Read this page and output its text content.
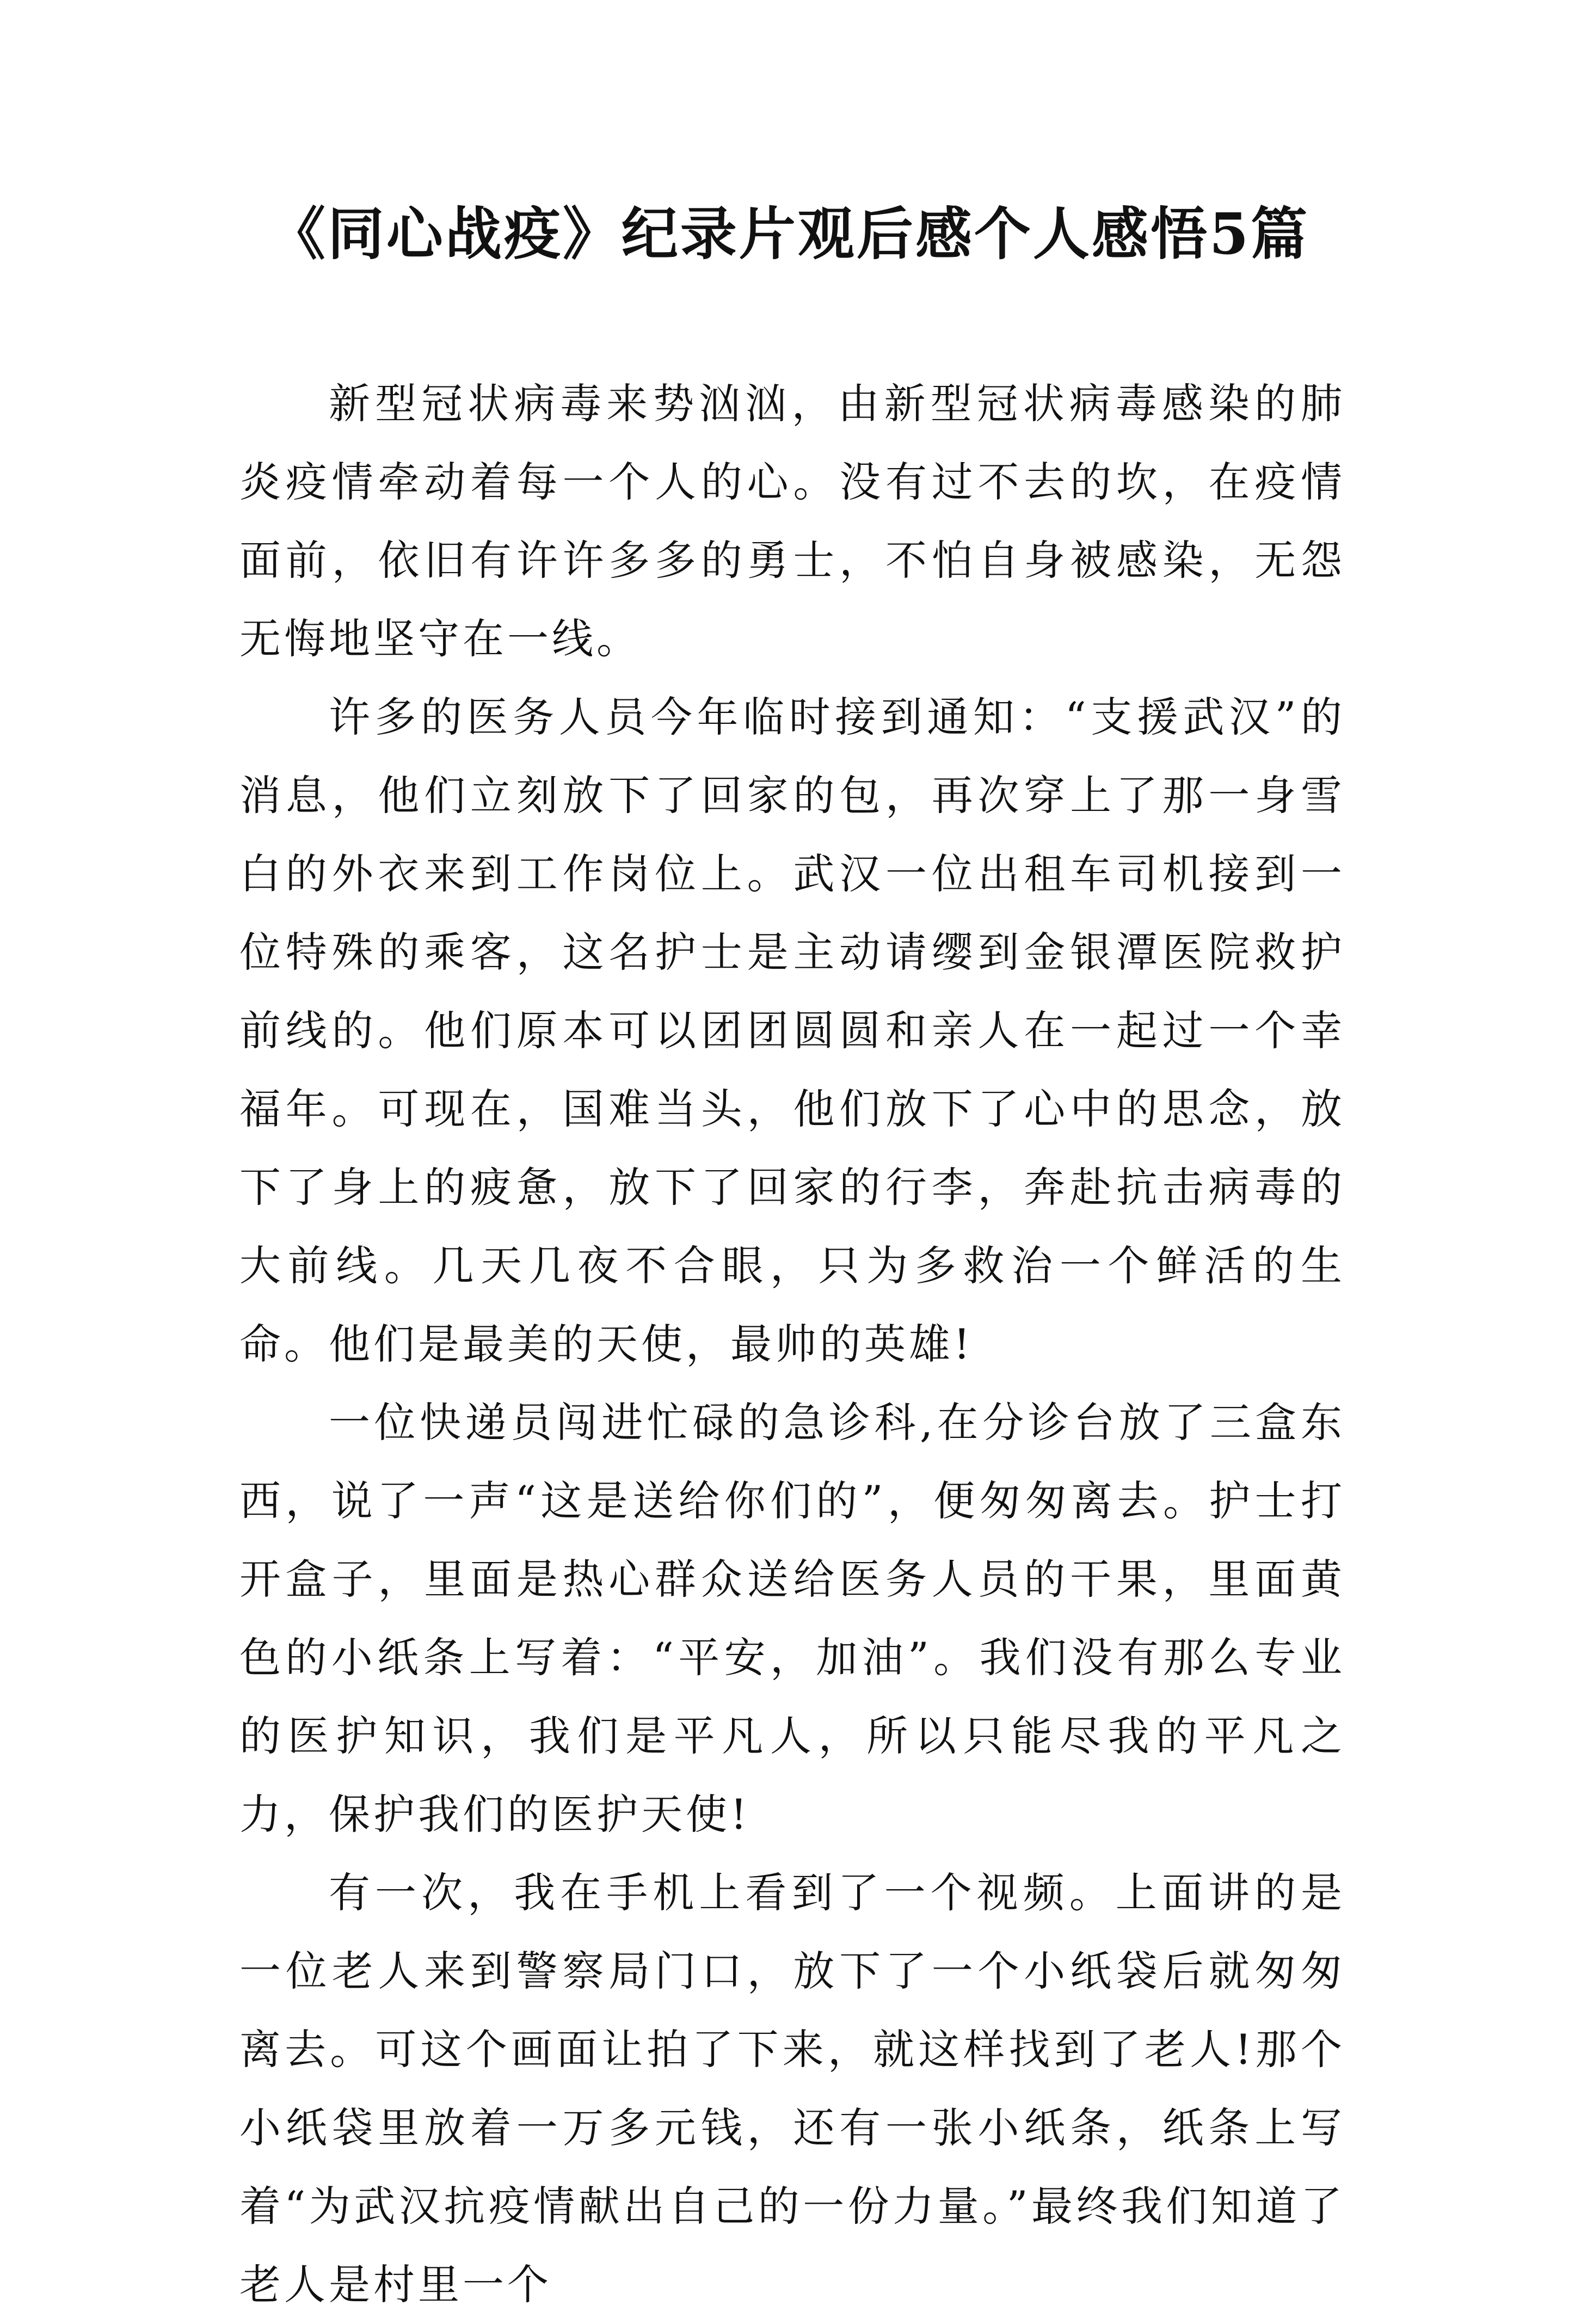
《同心战疫》纪录片观后感个人感悟5篇

新型冠状病毒来势汹汹，由新型冠状病毒感染的肺炎疫情牵动着每一个人的心。没有过不去的坎，在疫情面前，依旧有许许多多的勇士，不怕自身被感染，无怨无悔地坚守在一线。

许多的医务人员今年临时接到通知：“支援武汉”的消息，他们立刻放下了回家的包，再次穿上了那一身雪白的外衣来到工作岗位上。武汉一位出租车司机接到一位特殊的乘客，这名护士是主动请缨到金银潭医院救护前线的。他们原本可以团团圆圆和亲人在一起过一个幸福年。可现在，国难当头，他们放下了心中的思念，放下了身上的疲惫，放下了回家的行李，奔赴抗击病毒的大前线。几天几夜不合眼，只为多救治一个鲜活的生命。他们是最美的天使，最帅的英雄!

一位快递员闯进忙碌的急诊科,在分诊台放了三盒东西，说了一声“这是送给你们的”，便匆匆离去。护士打开盒子，里面是热心群众送给医务人员的干果，里面黄色的小纸条上写着：“平安，加油”。我们没有那么专业的医护知识，我们是平凡人，所以只能尽我的平凡之力，保护我们的医护天使!

有一次，我在手机上看到了一个视频。上面讲的是一位老人来到警察局门口，放下了一个小纸袋后就匆匆离去。可这个画面让拍了下来，就这样找到了老人!那个小纸袋里放着一万多元钱，还有一张小纸条，纸条上写着“为武汉抗疫情献出自己的一份力量。”最终我们知道了老人是村里一个
